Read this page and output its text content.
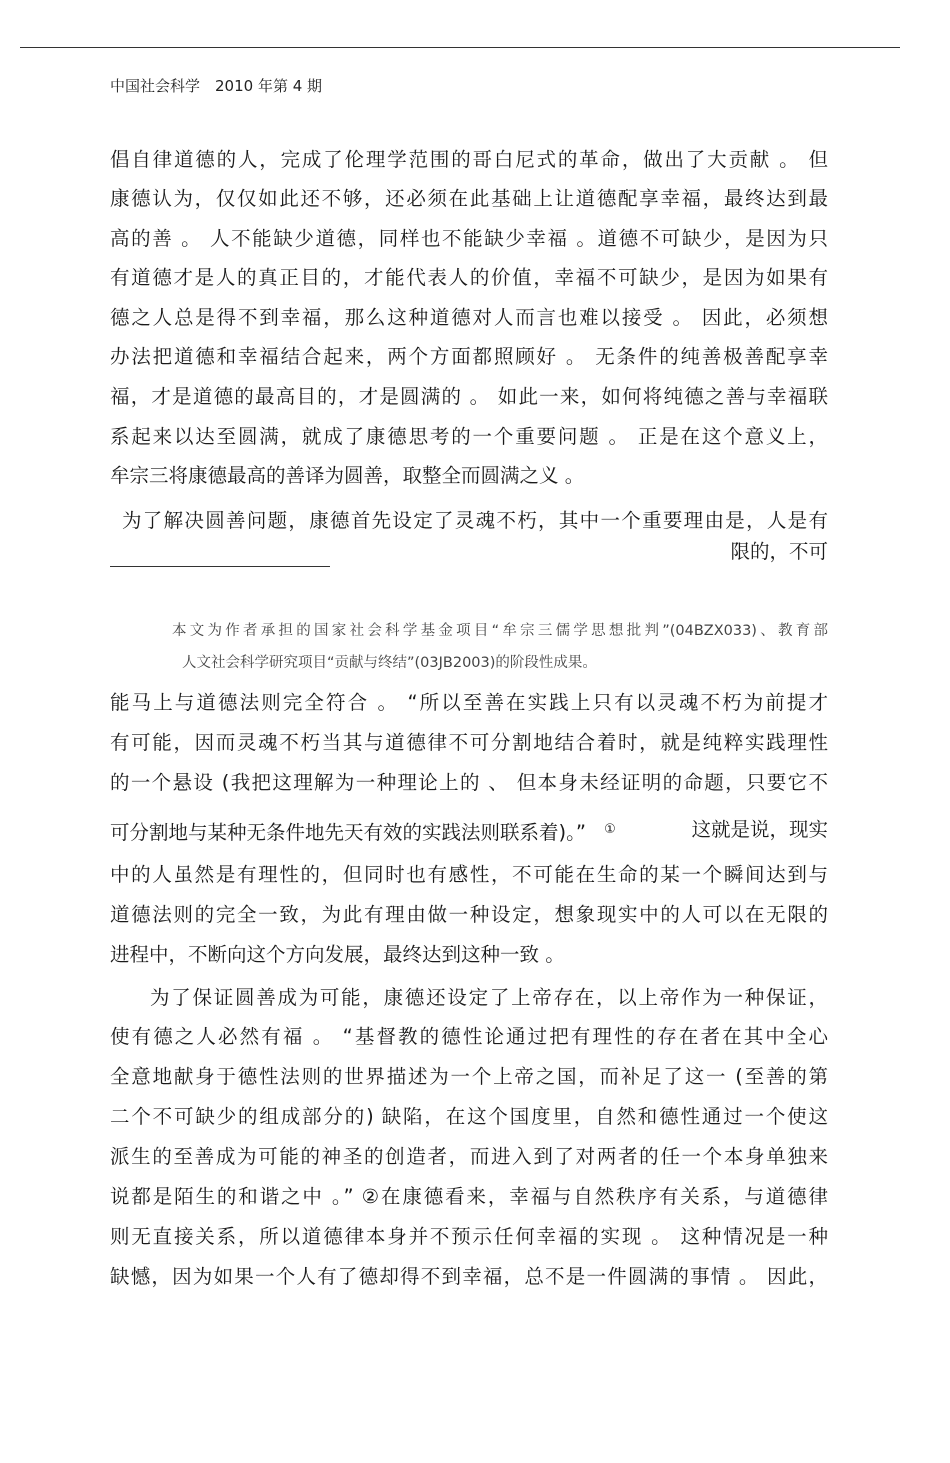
中国社会科学　2010 年第 4 期
倡自律道德的人，完成了伦理学范围的哥白尼式的革命，做出了大贡献 。 但
康德认为，仅仅如此还不够，还必须在此基础上让道德配享幸福，最终达到最
高的善 。 人不能缺少道德，同样也不能缺少幸福 。道德不可缺少，是因为只
有道德才是人的真正目的，才能代表人的价值，幸福不可缺少，是因为如果有
德之人总是得不到幸福，那么这种道德对人而言也难以接受 。 因此，必须想
办法把道德和幸福结合起来，两个方面都照顾好 。 无条件的纯善极善配享幸
福，才是道德的最高目的，才是圆满的 。 如此一来，如何将纯德之善与幸福联
系起来以达至圆满，就成了康德思考的一个重要问题 。 正是在这个意义上，
牟宗三将康德最高的善译为圆善，取整全而圆满之义 。
为了解决圆善问题，康德首先设定了灵魂不朽，其中一个重要理由是，人是有
限的，不可
本文为作者承担的国家社会科学基金项目“牟宗三儒学思想批判”(04BZX033)、教育部
人文社会科学研究项目“贡献与终结”(03JB2003)的阶段性成果。
能马上与道德法则完全符合 。 “所以至善在实践上只有以灵魂不朽为前提才
有可能，因而灵魂不朽当其与道德律不可分割地结合着时，就是纯粹实践理性
的一个悬设 (我把这理解为一种理论上的 、 但本身未经证明的命题，只要它不
可分割地与某种无条件地先天有效的实践法则联系着)。” ①	这就是说，现实
中的人虽然是有理性的，但同时也有感性，不可能在生命的某一个瞬间达到与
道德法则的完全一致，为此有理由做一种设定，想象现实中的人可以在无限的
进程中，不断向这个方向发展，最终达到这种一致 。
为了保证圆善成为可能，康德还设定了上帝存在，以上帝作为一种保证，
使有德之人必然有福 。 “基督教的德性论通过把有理性的存在者在其中全心
全意地献身于德性法则的世界描述为一个上帝之国，而补足了这一 (至善的第
二个不可缺少的组成部分的) 缺陷，在这个国度里，自然和德性通过一个使这
派生的至善成为可能的神圣的创造者，而进入到了对两者的任一个本身单独来
说都是陌生的和谐之中 。” ②在康德看来，幸福与自然秩序有关系，与道德律
则无直接关系，所以道德律本身并不预示任何幸福的实现 。 这种情况是一种
缺憾，因为如果一个人有了德却得不到幸福，总不是一件圆满的事情 。 因此，
